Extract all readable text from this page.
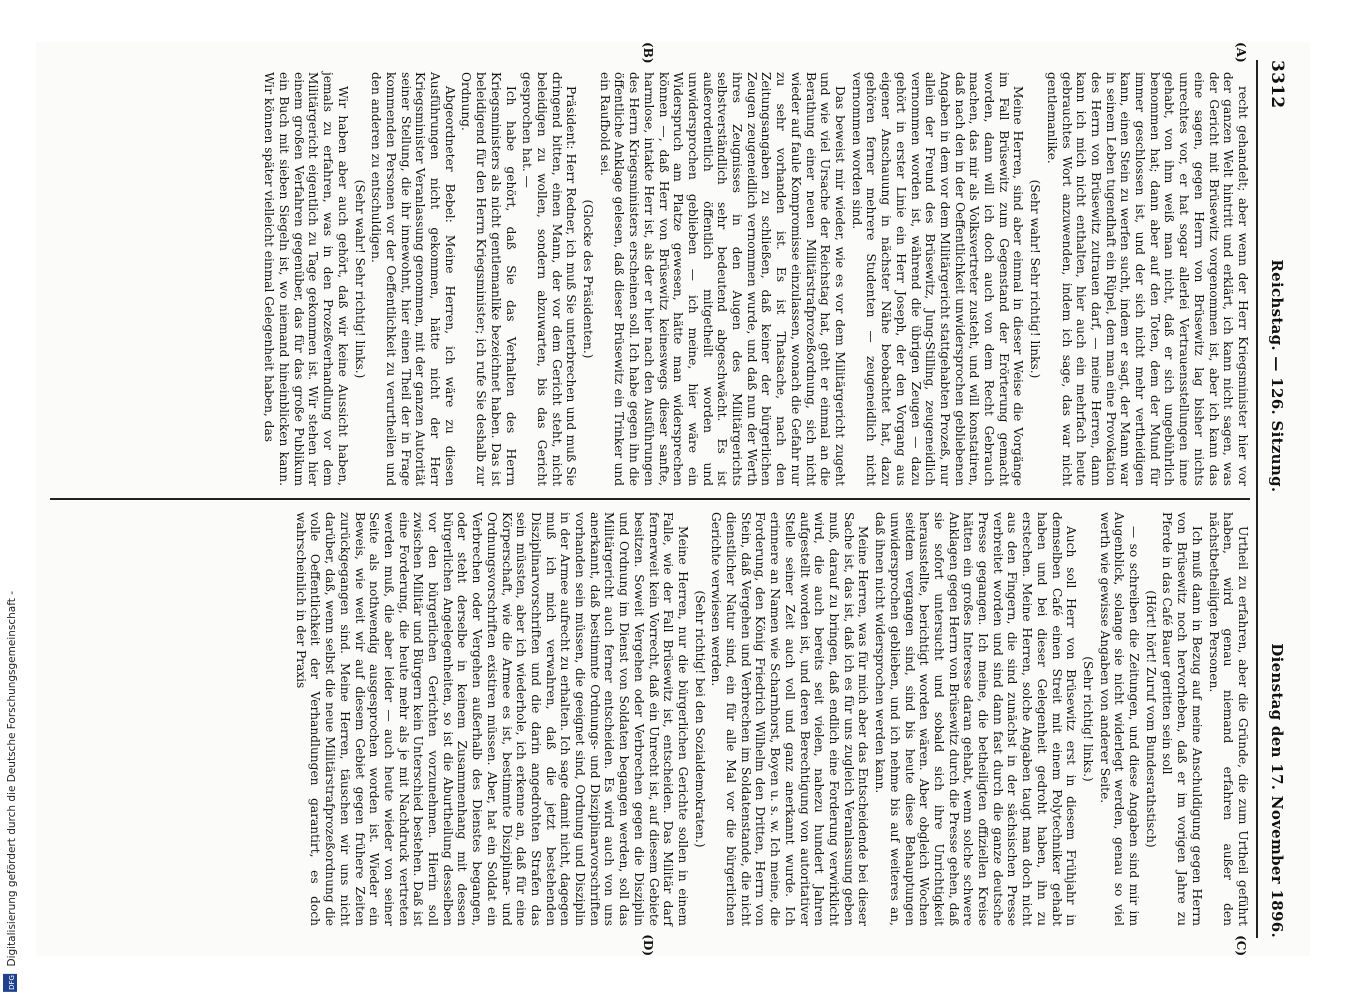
DFG Digitalisierung gefördert durch die Deutsche Forschungsgemeinschaft -
3312
Reichstag. — 126. Sitzung.
Dienstag den 17. November 1896.
(A)
(B)

recht gehandelt; aber wenn der Herr Kriegsminister hier vor der ganzen Welt hintritt und erklärt, ich kann nicht sagen, was der Gericht mit Brüsewitz vorgenommen ist, aber ich kann das eine sagen, gegen Herrn von Brüsewitz lag bisher nichts unrechtes vor, er hat sogar allerlei Vertrauensstellungen inne gehabt, von ihm weiß man nicht, daß er sich ungebührlich benommen hat; dann aber auf den Toten, dem der Mund für immer geschlossen ist, und der sich nicht mehr vertheidigen kann, einen Stein zu werfen sucht, indem er sagt, der Mann war in seinem Leben tugendhaft ein Rüpel, dem man eine Provokation des Herrn von Brüsewitz zutrauen darf, — meine Herren, dann kann ich mich nicht enthalten, hier auch ein mehrfach heute gebrauchtes Wort anzuwenden, indem ich sage, das war nicht gentlemanlike.

(Sehr wahr! Sehr richtig! links.)

Meine Herren, sind aber einmal in dieser Weise die Vorgänge im Fall Brüsewitz zum Gegenstand der Erörterung gemacht worden, dann will ich doch auch von dem Recht Gebrauch machen, das mir als Volksvertreter zusteht, und will konstatiren, daß nach den in der Oeffentlichkeit unwidersprochen gebliebenen Angaben in dem vor dem Militärgericht stattgehabten Prozeß, nur allein der Freund des Brüsewitz, Jung-Stilling, zeugeneidlich vernommen worden ist, während die übrigen Zeugen — dazu gehört in erster Linie ein Herr Joseph, der den Vorgang aus eigener Anschauung in nächster Nähe beobachtet hat, dazu gehören ferner mehrere Studenten — zeugeneidlich nicht vernommen worden sind.

Das beweist mir wieder, wie es vor dem Militärgericht zugeht und wie viel Ursache der Reichstag hat, geht er einmal an die Berathung einer neuen Militärstrafprozeßordnung, sich nicht wieder auf faule Kompromisse einzulassen, wonach die Gefahr nur zu sehr vorhanden ist. Es ist Thatsache, nach den Zeitungsangaben zu schließen, daß keiner der bürgerlichen Zeugen zeugeneidlich vernommen wurde, und daß nun der Werth ihres Zeugnisses in den Augen des Militärgerichts selbstverständlich sehr bedeutend abgeschwächt. Es ist außerordentlich öffentlich mitgetheilt worden und unwidersprochen geblieben — ich meine, hier wäre ein Widerspruch am Platze gewesen, hätte man widersprechen können —, daß Herr von Brüsewitz keineswegs dieser sanfte, harmlose, intakte Herr ist, als der er hier nach den Ausführungen des Herrn Kriegsministers erscheinen soll. Ich habe gegen ihn die öffentliche Anklage gelesen, daß dieser Brüsewitz ein Trinker und ein Raufbold sei.

(Glocke des Präsidenten.)

Präsident: Herr Redner, ich muß Sie unterbrechen und muß Sie dringend bitten, einen Mann, der vor dem Gericht steht, nicht beleidigen zu wollen, sondern abzuwarten, bis das Gericht gesprochen hat. —

Ich habe gehört, daß Sie das Verhalten des Herrn Kriegsministers als nicht gentlemanlike bezeichnet haben. Das ist beleidigend für den Herrn Kriegsminister; ich rufe Sie deshalb zur Ordnung.

Abgeordneter Bebel: Meine Herren, ich wäre zu diesen Ausführungen nicht gekommen, hätte nicht der Herr Kriegsminister Veranlassung genommen, mit der ganzen Autorität seiner Stellung, die ihr innewohnt, hier einen Theil der in Frage kommenden Personen vor der Oeffentlichkeit zu verurtheilen und den anderen zu entschuldigen.

(Sehr wahr! Sehr richtig! links.)

Wir haben aber auch gehört, daß wir keine Aussicht haben, jemals zu erfahren, was in den Prozeßverhandlung vor dem Militärgericht eigentlich zu Tage gekommen ist. Wir stehen hier einem großen Verfahren gegenüber, das für das große Publikum ein Buch mit sieben Siegeln ist, wo niemand hineinblicken kann. Wir können später vielleicht einmal Gelegenheit haben, das

Urtheil zu erfahren, aber die Gründe, die zum Urtheil geführt haben, wird genau niemand erfahren außer den nächstbetheiligten Personen.

Ich muß dann in Bezug auf meine Anschuldigung gegen Herrn von Brüsewitz noch hervorheben, daß er im vorigen Jahre zu Pferde in das Café Bauer geritten sein soll

(Hört! hört! Zuruf vom Bundesrathstisch)

— so schreiben die Zeitungen, und diese Angaben sind mir im Augenblick, solange sie nicht widerlegt werden, genau so viel werth wie gewisse Angaben von anderer Seite.

(Sehr richtig! links.)

Auch soll Herr von Brüsewitz erst in diesem Frühjahr in demselben Café einen Streit mit einem Polytechniker gehabt haben und bei dieser Gelegenheit gedroht haben, ihn zu erstechen. Meine Herren, solche Angaben taugt man doch nicht aus den Fingern, die sind zunächst in der sächsischen Presse verbreitet worden und sind dann fast durch die ganze deutsche Presse gegangen. Ich meine, die betheiligten offiziellen Kreise hätten ein großes Interesse daran gehabt, wenn solche schwere Anklagen gegen Herrn von Brüsewitz durch die Presse gehen, daß sie sofort untersucht und sobald sich ihre Unrichtigkeit herausstellte, berichtigt worden wären. Aber obgleich Wochen seitdem vergangen sind, sind bis heute diese Behauptungen unwidersprochen geblieben, und ich nehme bis auf weiteres an, daß ihnen nicht widersprochen werden kann.

Meine Herren, was für mich aber das Entscheidende bei dieser Sache ist, das ist, daß ich es für uns zugleich Veranlassung geben muß, darauf zu bringen, daß endlich eine Forderung verwirklicht wird, die auch bereits seit vielen, nahezu hundert Jahren aufgestellt worden ist, und deren Berechtigung von autoritativer Stelle seiner Zeit auch voll und ganz anerkannt wurde. Ich erinnere an Namen wie Scharnhorst, Boyen u. s. w. Ich meine, die Forderung, den König Friedrich Wilhelm den Dritten, Herrn von Stein, daß Vergehen und Verbrechen im Soldatenstande, die nicht dienstlicher Natur sind, ein für alle Mal vor die bürgerlichen Gerichte verwiesen werden.

(Sehr richtig! bei den Sozialdemokraten.)

Meine Herren, nur die bürgerlichen Gerichte sollen in einem Falle, wie der Fall Brüsewitz ist, entscheiden. Das Militär darf fernerweit kein Vorrecht, daß ein Unrecht ist, auf diesem Gebiete besitzen. Soweit Vergehen oder Verbrechen gegen die Disziplin und Ordnung im Dienst von Soldaten begangen werden, soll das Militärgericht auch ferner entscheiden. Es wird auch von uns anerkannt, daß bestimmte Ordnungs- und Disziplinarvorschriften vorhanden sein müssen, die geeignet sind, Ordnung und Disziplin in der Armee aufrecht zu erhalten. Ich sage damit nicht, dagegen muß ich mich verwahren, daß die jetzt bestehenden Disziplinarvorschriften und die darin angedrohten Strafen das sein müssten, aber ich wiederhole, ich erkenne an, daß für eine Körperschaft, wie die Armee es ist, bestimmte Disziplinar- und Ordnungsvorschriften existiren müssen. Aber, hat ein Soldat ein Verbrechen oder Vergehen außerhalb des Dienstes begangen, oder steht derselbe in keinem Zusammenhang mit dessen bürgerlichen Angelegenheiten, so ist die Aburtheilung desselben vor den bürgerlichen Gerichten vorzunehmen. Hierin soll zwischen Militär und Bürgern kein Unterschied bestehen. Daß ist eine Forderung, die heute mehr als je mit Nachdruck vertreten werden muß, die aber leider — auch heute wieder von seiner Seite als nothwendig ausgesprochen worden ist. Wieder ein Beweis, wie weit wir auf diesem Gebiet gegen frühere Zeiten zurückgegangen sind. Meine Herren, täuschen wir uns nicht darüber, daß, wenn selbst die neue Militärstrafprozeßordnung die volle Oeffentlichkeit der Verhandlungen garantirt, es doch wahrscheinlich in der Praxis

(C)
(D)
